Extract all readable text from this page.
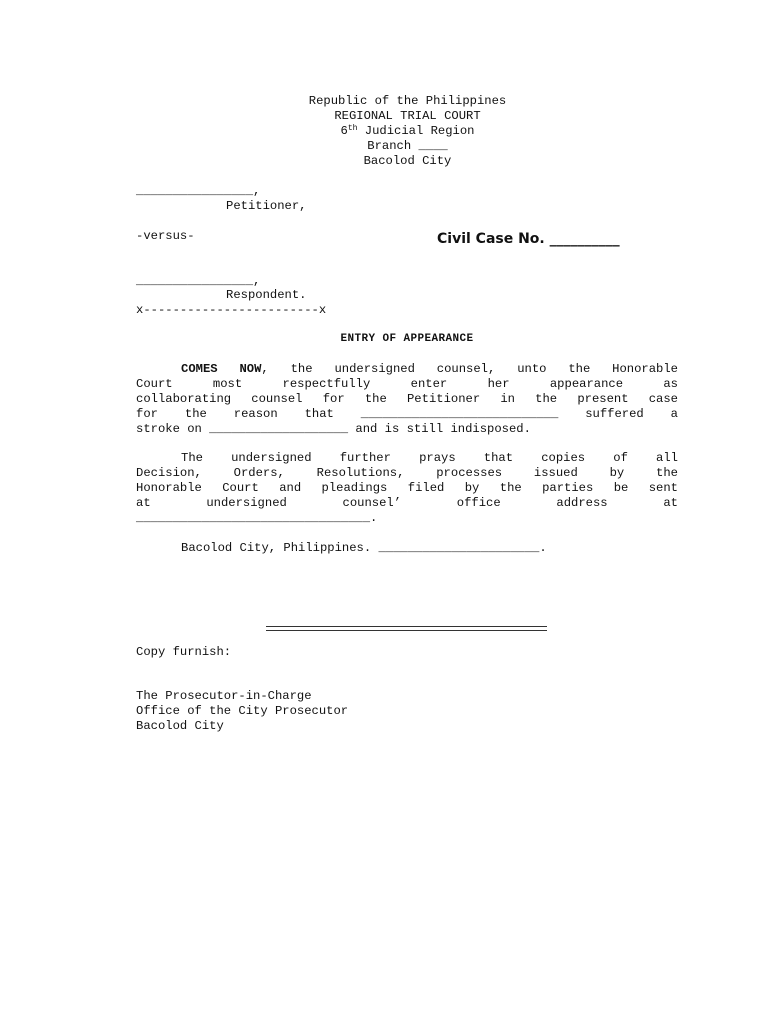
Republic of the Philippines
REGIONAL TRIAL COURT
6th Judicial Region
Branch ____
Bacolod City
________________,
Petitioner,
-versus-	Civil Case No. __________
________________,
Respondent.
x------------------------x
ENTRY OF APPEARANCE
COMES NOW, the undersigned counsel, unto the Honorable
Court most respectfully enter her appearance as
collaborating counsel for the Petitioner in the present case
for the reason that ___________________________ suffered a
stroke on ___________________ and is still indisposed.
The undersigned further prays that copies of all
Decision, Orders, Resolutions, processes issued by the
Honorable Court and pleadings filed by the parties be sent
at undersigned counsel’ office address at
________________________________.
Bacolod City, Philippines. ______________________.
Copy furnish:
The Prosecutor-in-Charge
Office of the City Prosecutor
Bacolod City
